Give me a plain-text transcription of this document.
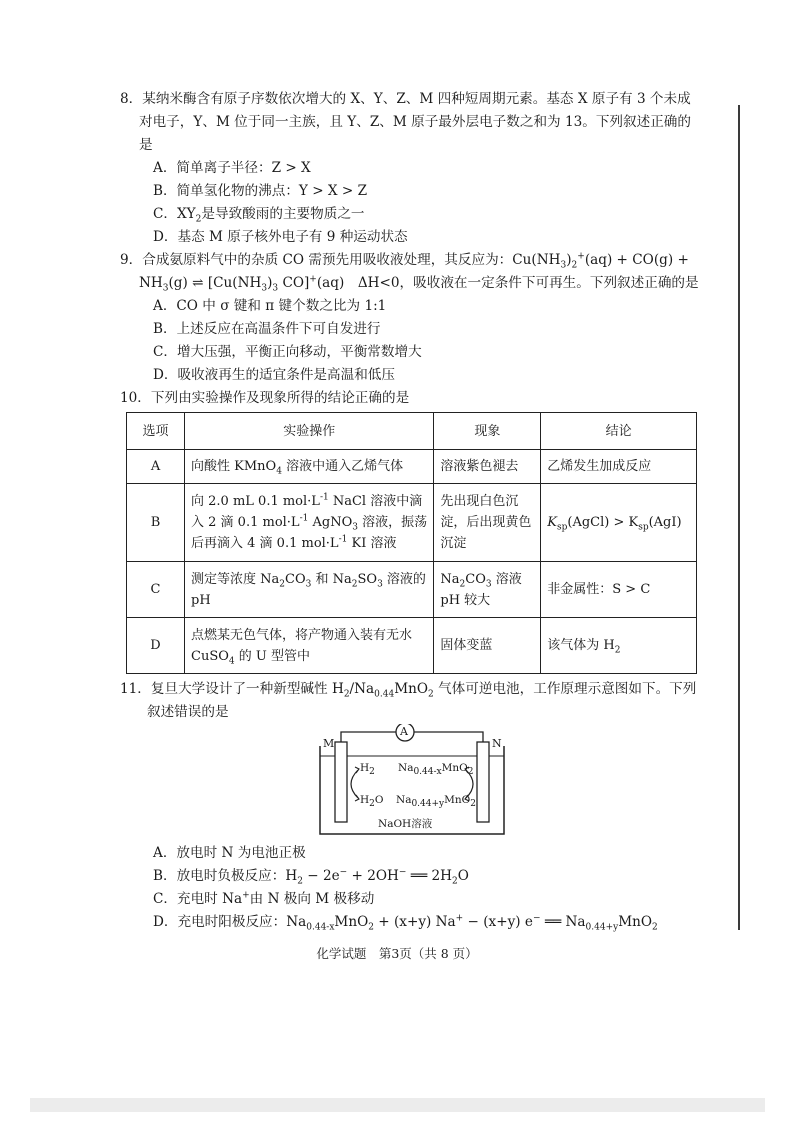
8．某纳米酶含有原子序数依次增大的 X、Y、Z、M 四种短周期元素。基态 X 原子有 3 个未成对电子，Y、M 位于同一主族，且 Y、Z、M 原子最外层电子数之和为 13。下列叙述正确的是

A．简单离子半径：Z > X

B．简单氢化物的沸点：Y > X > Z

C．$XY_2$是导致酸雨的主要物质之一

D．基态 M 原子核外电子有 9 种运动状态

9．合成氨原料气中的杂质 CO 需预先用吸收液处理，其反应为：$Cu(NH_3)_2^+(aq) + CO(g) + NH_3(g)$ ⇌ [$Cu(NH_3)_3$ CO]+(aq)　ΔH<0，吸收液在一定条件下可再生。下列叙述正确的是

A．CO 中 σ 键和 π 键个数之比为 1:1

B．上述反应在高温条件下可自发进行

C．增大压强，平衡正向移动，平衡常数增大

D．吸收液再生的适宜条件是高温和低压

10．下列由实验操作及现象所得的结论正确的是

选项	实验操作	现象	结论
A	向酸性 KMnO$_4$ 溶液中通入乙烯气体	溶液紫色褪去	乙烯发生加成反应
B	向 2.0 mL 0.1 $mol\cdot L^{-1}$ NaCl 溶液中滴入 2 滴 0.1 $mol\cdot L^{-1}$ AgNO$_3$ 溶液，振荡后再滴入 4 滴 0.1 $mol\cdot L^{-1}$ KI 溶液	先出现白色沉淀，后出现黄色沉淀	$K_{sp}(AgCl) > K_{sp}(AgI)$
C	测定等浓度 $Na_2CO_3$ 和 $Na_2SO_3$ 溶液的 pH	$Na_2CO_3$ 溶液 pH 较大	非金属性：S > C
D	点燃某无色气体，将产物通入装有无水 CuSO$_4$ 的 U 型管中	固体变蓝	该气体为 $H_2$

11．复旦大学设计了一种新型碱性 $H_2/Na_{0.44}MnO_2$ 气体可逆电池，工作原理示意图如下。下列叙述错误的是

A
M	N
$H_2$
$H_2O$
$Na_{0.44-x}MnO_2$
$Na_{0.44+y}MnO_2$
NaOH溶液

A．放电时 N 为电池正极

B．放电时负极反应：$H_2 - 2e^- + 2OH^-$ ══ $2H_2O$

C．充电时 Na+由 N 极向 M 极移动

D．充电时阳极反应：$Na_{0.44-x}MnO_2 + (x+y) Na^+ - (x+y)$ e− ══ $Na_{0.44+y}MnO_2$

化学试题　第3页（共 8 页）
